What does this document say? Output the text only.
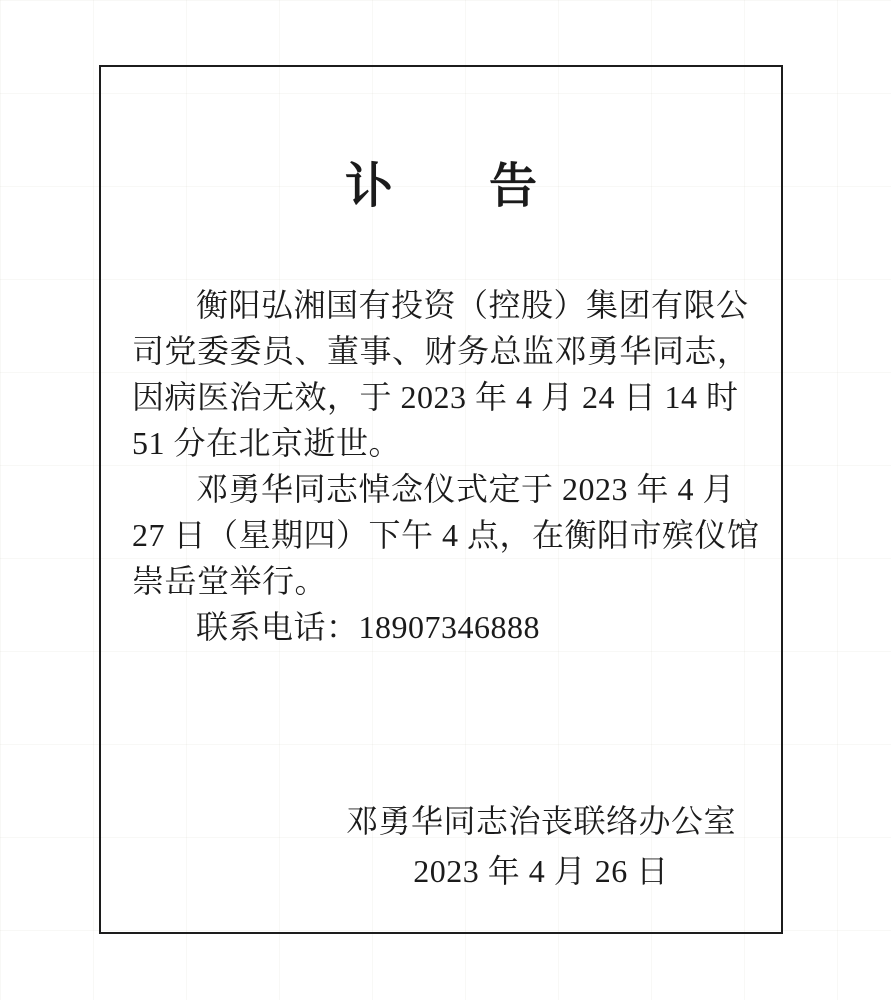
讣　　告
衡阳弘湘国有投资（控股）集团有限公
司党委委员、董事、财务总监邓勇华同志，
因病医治无效，于 2023 年 4 月 24 日 14 时
51 分在北京逝世。
邓勇华同志悼念仪式定于 2023 年 4 月
27 日（星期四）下午 4 点，在衡阳市殡仪馆
崇岳堂举行。
联系电话：18907346888
邓勇华同志治丧联络办公室
2023 年 4 月 26 日
